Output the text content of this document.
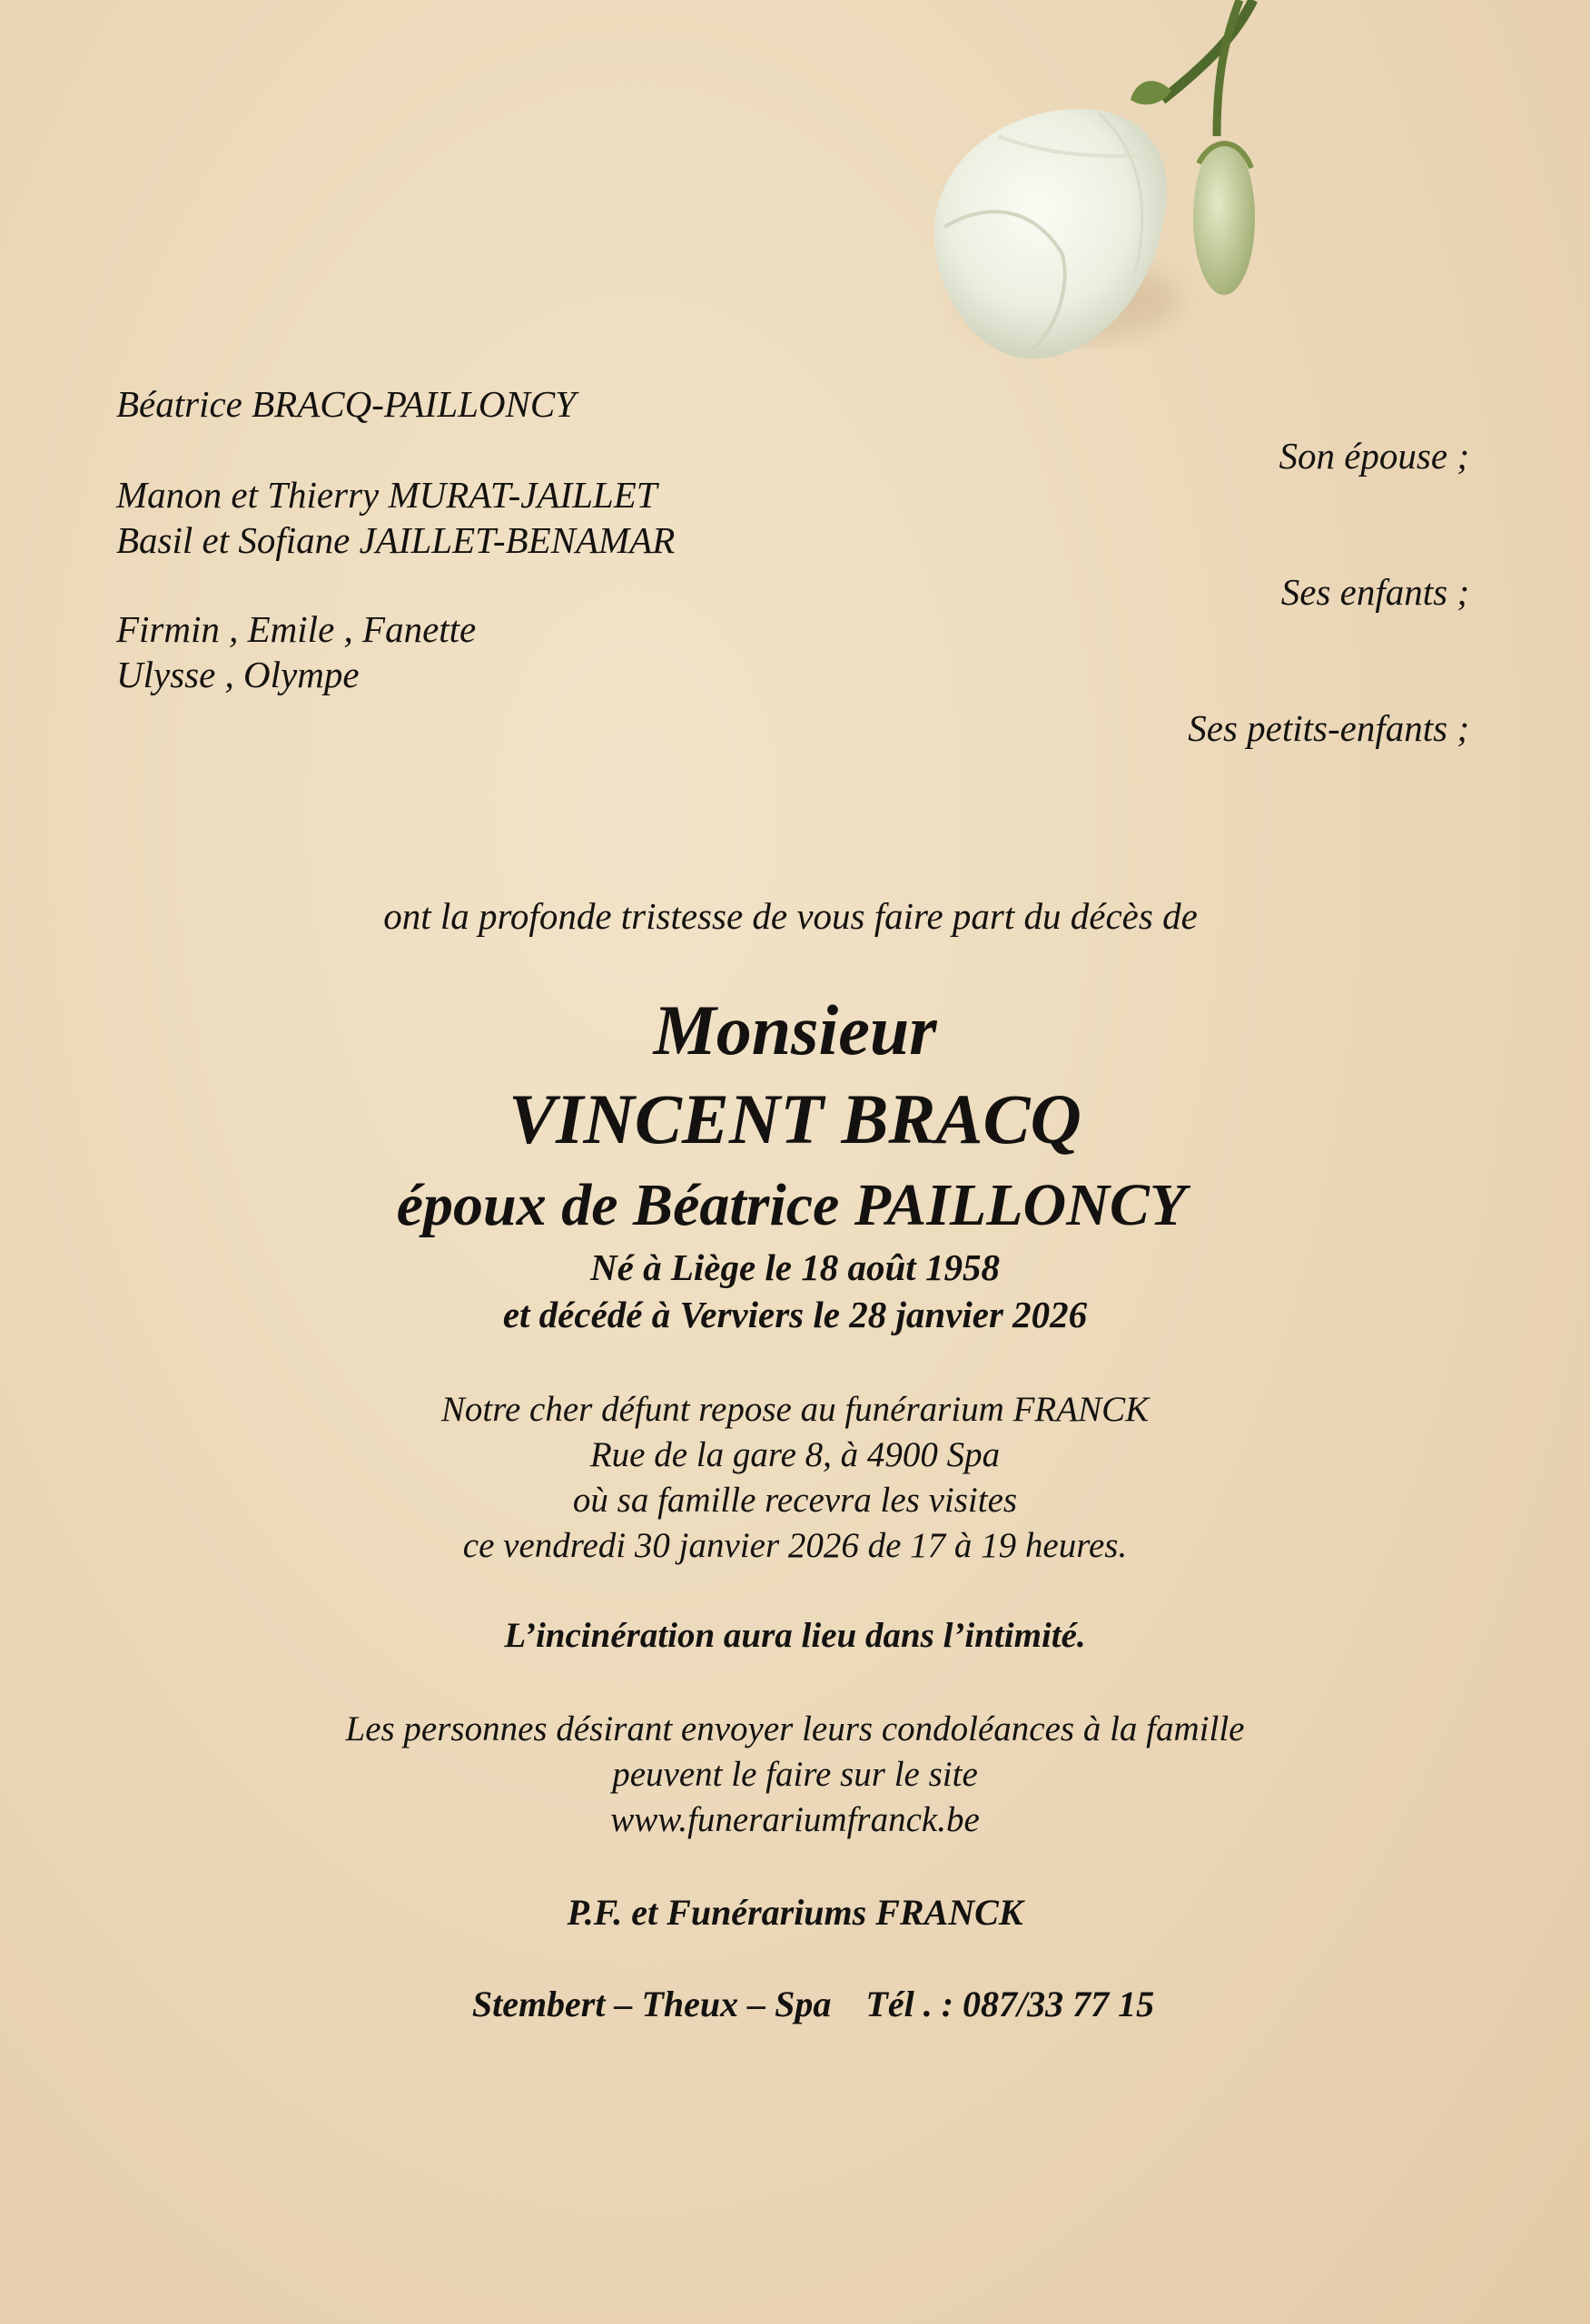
Béatrice BRACQ-PAILLONCY
Son épouse ;
Manon et Thierry MURAT-JAILLET
Basil et Sofiane JAILLET-BENAMAR
Ses enfants ;
Firmin , Emile , Fanette
Ulysse , Olympe
Ses petits-enfants ;
ont la profonde tristesse de vous faire part du décès de
Monsieur
VINCENT BRACQ
époux de Béatrice PAILLONCY
Né à Liège le 18 août 1958
et décédé à Verviers le 28 janvier 2026
Notre cher défunt repose au funérarium FRANCK
Rue de la gare 8, à 4900 Spa
où sa famille recevra les visites
ce vendredi 30 janvier 2026 de 17 à 19 heures.
L’incinération aura lieu dans l’intimité.
Les personnes désirant envoyer leurs condoléances à la famille
peuvent le faire sur le site
www.funerariumfranck.be
P.F. et Funérariums FRANCK

Stembert – Theux – Spa Tél . : 087/33 77 15
